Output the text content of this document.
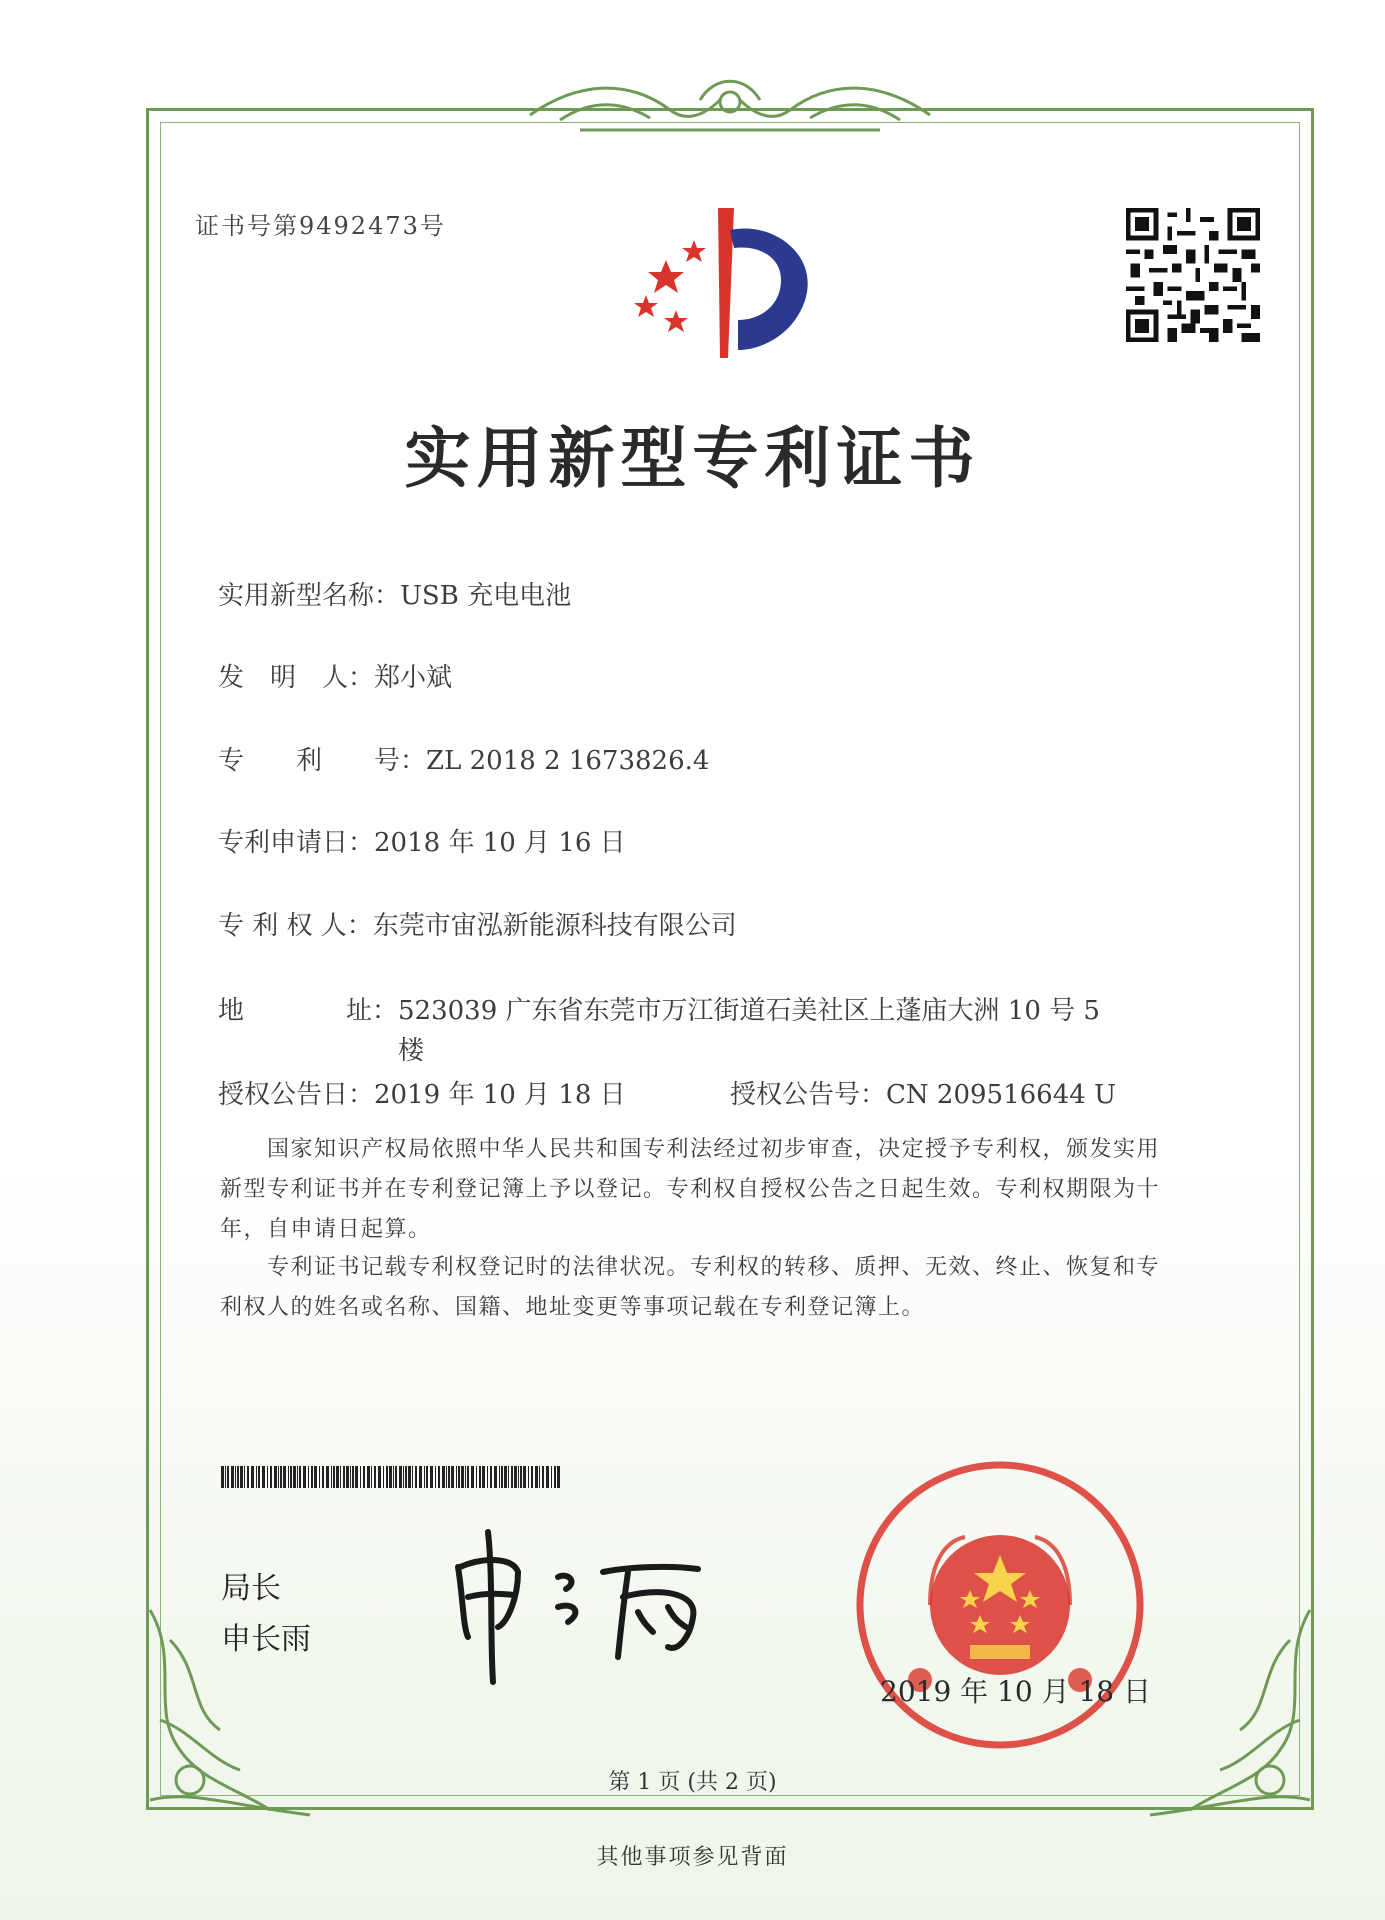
证书号第9492473号
实用新型专利证书
实用新型名称：USB 充电电池
发　明　人：郑小斌
专　　利　　号：ZL 2018 2 1673826.4
专利申请日：2018 年 10 月 16 日
专 利 权 人：东莞市宙泓新能源科技有限公司
地	址： 523039 广东省东莞市万江街道石美社区上蓬庙大洲 10 号 5
楼
授权公告日：2019 年 10 月 18 日	授权公告号：CN 209516644 U
　　国家知识产权局依照中华人民共和国专利法经过初步审查，决定授予专利权，颁发实用
新型专利证书并在专利登记簿上予以登记。专利权自授权公告之日起生效。专利权期限为十
年，自申请日起算。
　　专利证书记载专利权登记时的法律状况。专利权的转移、质押、无效、终止、恢复和专
利权人的姓名或名称、国籍、地址变更等事项记载在专利登记簿上。
局长
申长雨
2019 年 10 月 18 日
第 1 页 (共 2 页)
其他事项参见背面
